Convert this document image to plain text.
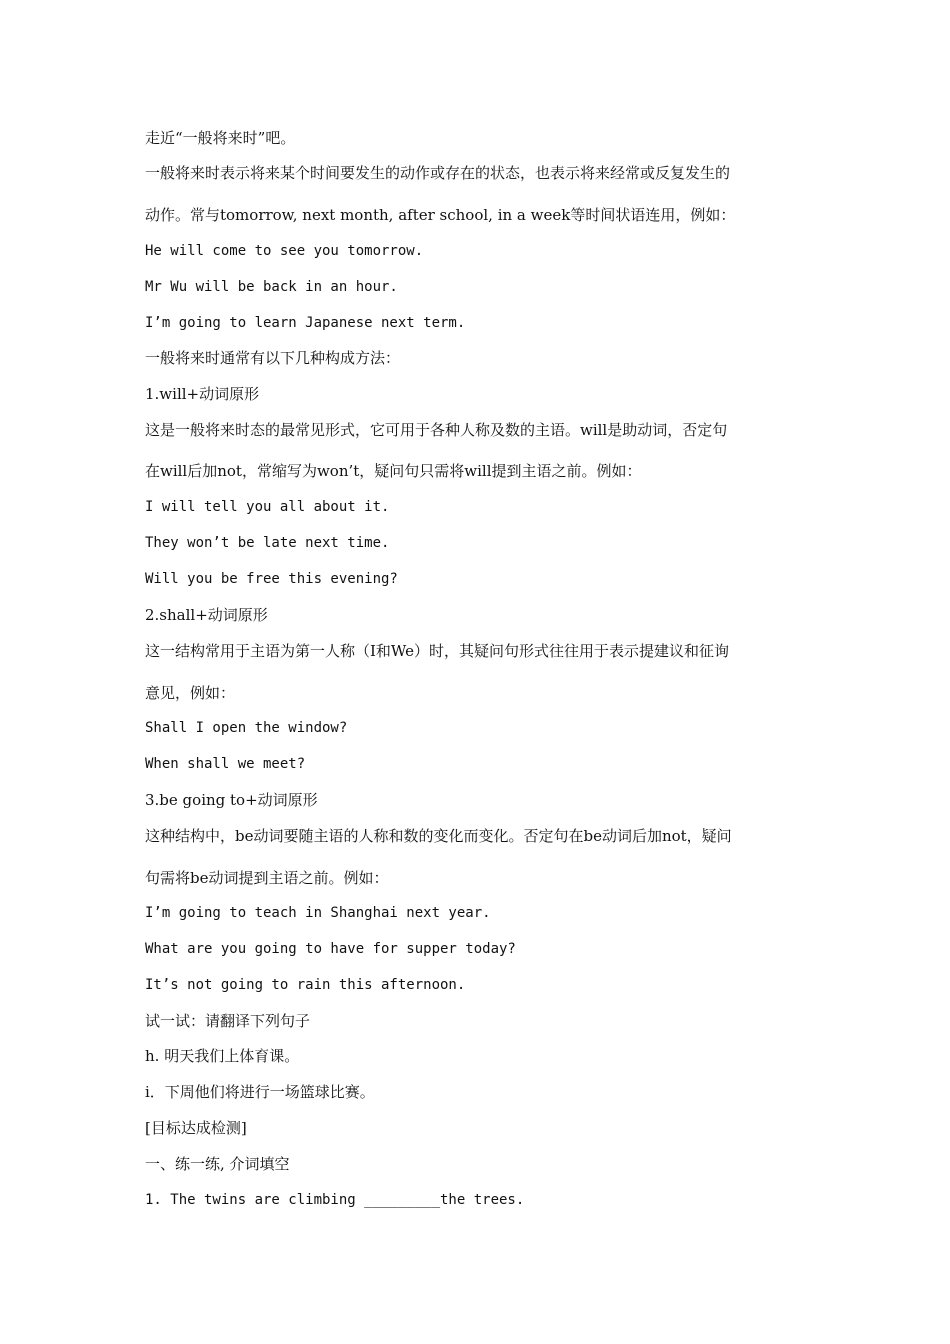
走近“一般将来时”吧。
一般将来时表示将来某个时间要发生的动作或存在的状态，也表示将来经常或反复发生的
动作。常与tomorrow, next month, after school, in a week等时间状语连用，例如：
He will come to see you tomorrow.
Mr Wu will be back in an hour.
I’m going to learn Japanese next term.
一般将来时通常有以下几种构成方法：
1.will+动词原形
这是一般将来时态的最常见形式，它可用于各种人称及数的主语。will是助动词，否定句
在will后加not，常缩写为won’t，疑问句只需将will提到主语之前。例如：
I will tell you all about it.
They won’t be late next time.
Will you be free this evening?
2.shall+动词原形
这一结构常用于主语为第一人称（I和We）时，其疑问句形式往往用于表示提建议和征询
意见，例如：
Shall I open the window?
When shall we meet?
3.be going to+动词原形
这种结构中，be动词要随主语的人称和数的变化而变化。否定句在be动词后加not，疑问
句需将be动词提到主语之前。例如：
I’m going to teach in Shanghai next year.
What are you going to have for supper today?
It’s not going to rain this afternoon.
试一试：请翻译下列句子
h. 明天我们上体育课。
i．下周他们将进行一场篮球比赛。
[目标达成检测]
一、练一练, 介词填空
1. The twins are climbing _________the trees.
